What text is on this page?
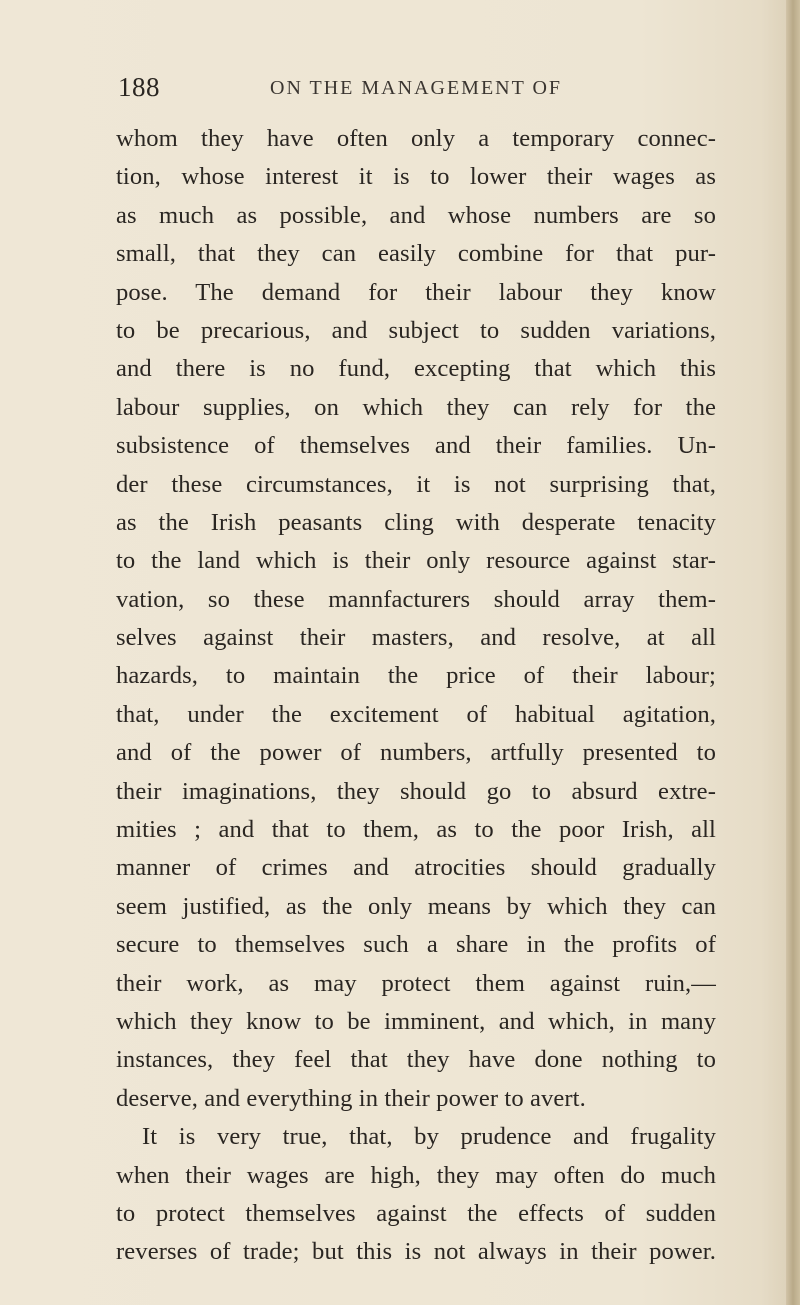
188	ON THE MANAGEMENT OF
whom they have often only a temporary connec-
tion, whose interest it is to lower their wages as
as much as possible, and whose numbers are so
small, that they can easily combine for that pur-
pose. The demand for their labour they know
to be precarious, and subject to sudden variations,
and there is no fund, excepting that which this
labour supplies, on which they can rely for the
subsistence of themselves and their families. Un-
der these circumstances, it is not surprising that,
as the Irish peasants cling with desperate tenacity
to the land which is their only resource against star-
vation, so these mannfacturers should array them-
selves against their masters, and resolve, at all
hazards, to maintain the price of their labour;
that, under the excitement of habitual agitation,
and of the power of numbers, artfully presented to
their imaginations, they should go to absurd extre-
mities ; and that to them, as to the poor Irish, all
manner of crimes and atrocities should gradually
seem justified, as the only means by which they can
secure to themselves such a share in the profits of
their work, as may protect them against ruin,—
which they know to be imminent, and which, in many
instances, they feel that they have done nothing to
deserve, and everything in their power to avert.
It is very true, that, by prudence and frugality
when their wages are high, they may often do much
to protect themselves against the effects of sudden
reverses of trade; but this is not always in their power.
